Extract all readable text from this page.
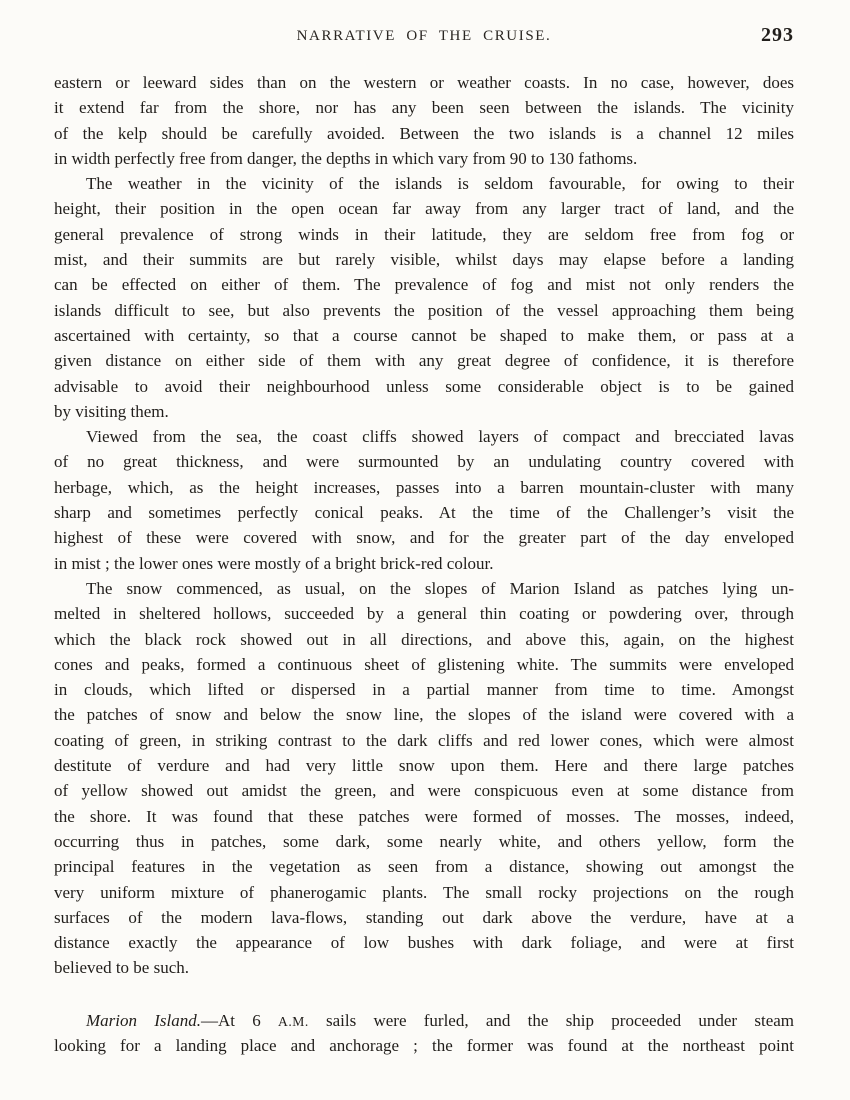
NARRATIVE OF THE CRUISE.	293
eastern or leeward sides than on the western or weather coasts. In no case, however, does
it extend far from the shore, nor has any been seen between the islands. The vicinity
of the kelp should be carefully avoided. Between the two islands is a channel 12 miles
in width perfectly free from danger, the depths in which vary from 90 to 130 fathoms.
The weather in the vicinity of the islands is seldom favourable, for owing to their
height, their position in the open ocean far away from any larger tract of land, and the
general prevalence of strong winds in their latitude, they are seldom free from fog or
mist, and their summits are but rarely visible, whilst days may elapse before a landing
can be effected on either of them. The prevalence of fog and mist not only renders the
islands difficult to see, but also prevents the position of the vessel approaching them being
ascertained with certainty, so that a course cannot be shaped to make them, or pass at a
given distance on either side of them with any great degree of confidence, it is therefore
advisable to avoid their neighbourhood unless some considerable object is to be gained
by visiting them.
Viewed from the sea, the coast cliffs showed layers of compact and brecciated lavas
of no great thickness, and were surmounted by an undulating country covered with
herbage, which, as the height increases, passes into a barren mountain-cluster with many
sharp and sometimes perfectly conical peaks. At the time of the Challenger’s visit the
highest of these were covered with snow, and for the greater part of the day enveloped
in mist ; the lower ones were mostly of a bright brick-red colour.
The snow commenced, as usual, on the slopes of Marion Island as patches lying un-
melted in sheltered hollows, succeeded by a general thin coating or powdering over, through
which the black rock showed out in all directions, and above this, again, on the highest
cones and peaks, formed a continuous sheet of glistening white. The summits were enveloped
in clouds, which lifted or dispersed in a partial manner from time to time. Amongst
the patches of snow and below the snow line, the slopes of the island were covered with a
coating of green, in striking contrast to the dark cliffs and red lower cones, which were almost
destitute of verdure and had very little snow upon them. Here and there large patches
of yellow showed out amidst the green, and were conspicuous even at some distance from
the shore. It was found that these patches were formed of mosses. The mosses, indeed,
occurring thus in patches, some dark, some nearly white, and others yellow, form the
principal features in the vegetation as seen from a distance, showing out amongst the
very uniform mixture of phanerogamic plants. The small rocky projections on the rough
surfaces of the modern lava-flows, standing out dark above the verdure, have at a
distance exactly the appearance of low bushes with dark foliage, and were at first
believed to be such.
Marion Island.—At 6 A.M. sails were furled, and the ship proceeded under steam
looking for a landing place and anchorage ; the former was found at the northeast point
